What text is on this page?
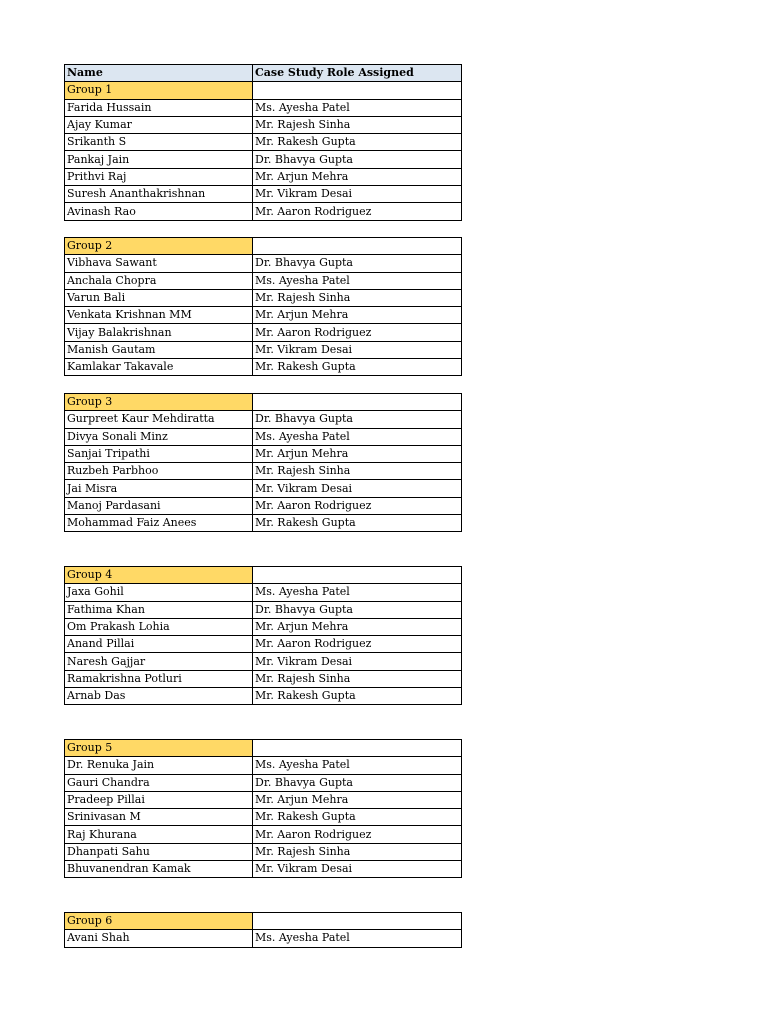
Name	Case Study Role Assigned
Group 1	
Farida Hussain	Ms. Ayesha Patel
Ajay Kumar	Mr. Rajesh Sinha
Srikanth S	Mr. Rakesh Gupta
Pankaj Jain	Dr. Bhavya Gupta
Prithvi Raj	Mr. Arjun Mehra
Suresh Ananthakrishnan	Mr. Vikram Desai
Avinash Rao	Mr. Aaron Rodriguez
Group 2	
Vibhava Sawant	Dr. Bhavya Gupta
Anchala Chopra	Ms. Ayesha Patel
Varun Bali	Mr. Rajesh Sinha
Venkata Krishnan MM	Mr. Arjun Mehra
Vijay Balakrishnan	Mr. Aaron Rodriguez
Manish Gautam	Mr. Vikram Desai
Kamlakar Takavale	Mr. Rakesh Gupta
Group 3	
Gurpreet Kaur Mehdiratta	Dr. Bhavya Gupta
Divya Sonali Minz	Ms. Ayesha Patel
Sanjai Tripathi	Mr. Arjun Mehra
Ruzbeh Parbhoo	Mr. Rajesh Sinha
Jai Misra	Mr. Vikram Desai
Manoj Pardasani	Mr. Aaron Rodriguez
Mohammad Faiz Anees	Mr. Rakesh Gupta
Group 4	
Jaxa Gohil	Ms. Ayesha Patel
Fathima Khan	Dr. Bhavya Gupta
Om Prakash Lohia	Mr. Arjun Mehra
Anand Pillai	Mr. Aaron Rodriguez
Naresh Gajjar	Mr. Vikram Desai
Ramakrishna Potluri	Mr. Rajesh Sinha
Arnab Das	Mr. Rakesh Gupta
Group 5	
Dr. Renuka Jain	Ms. Ayesha Patel
Gauri Chandra	Dr. Bhavya Gupta
Pradeep Pillai	Mr. Arjun Mehra
Srinivasan M	Mr. Rakesh Gupta
Raj Khurana	Mr. Aaron Rodriguez
Dhanpati Sahu	Mr. Rajesh Sinha
Bhuvanendran Kamak	Mr. Vikram Desai
Group 6	
Avani Shah	Ms. Ayesha Patel
